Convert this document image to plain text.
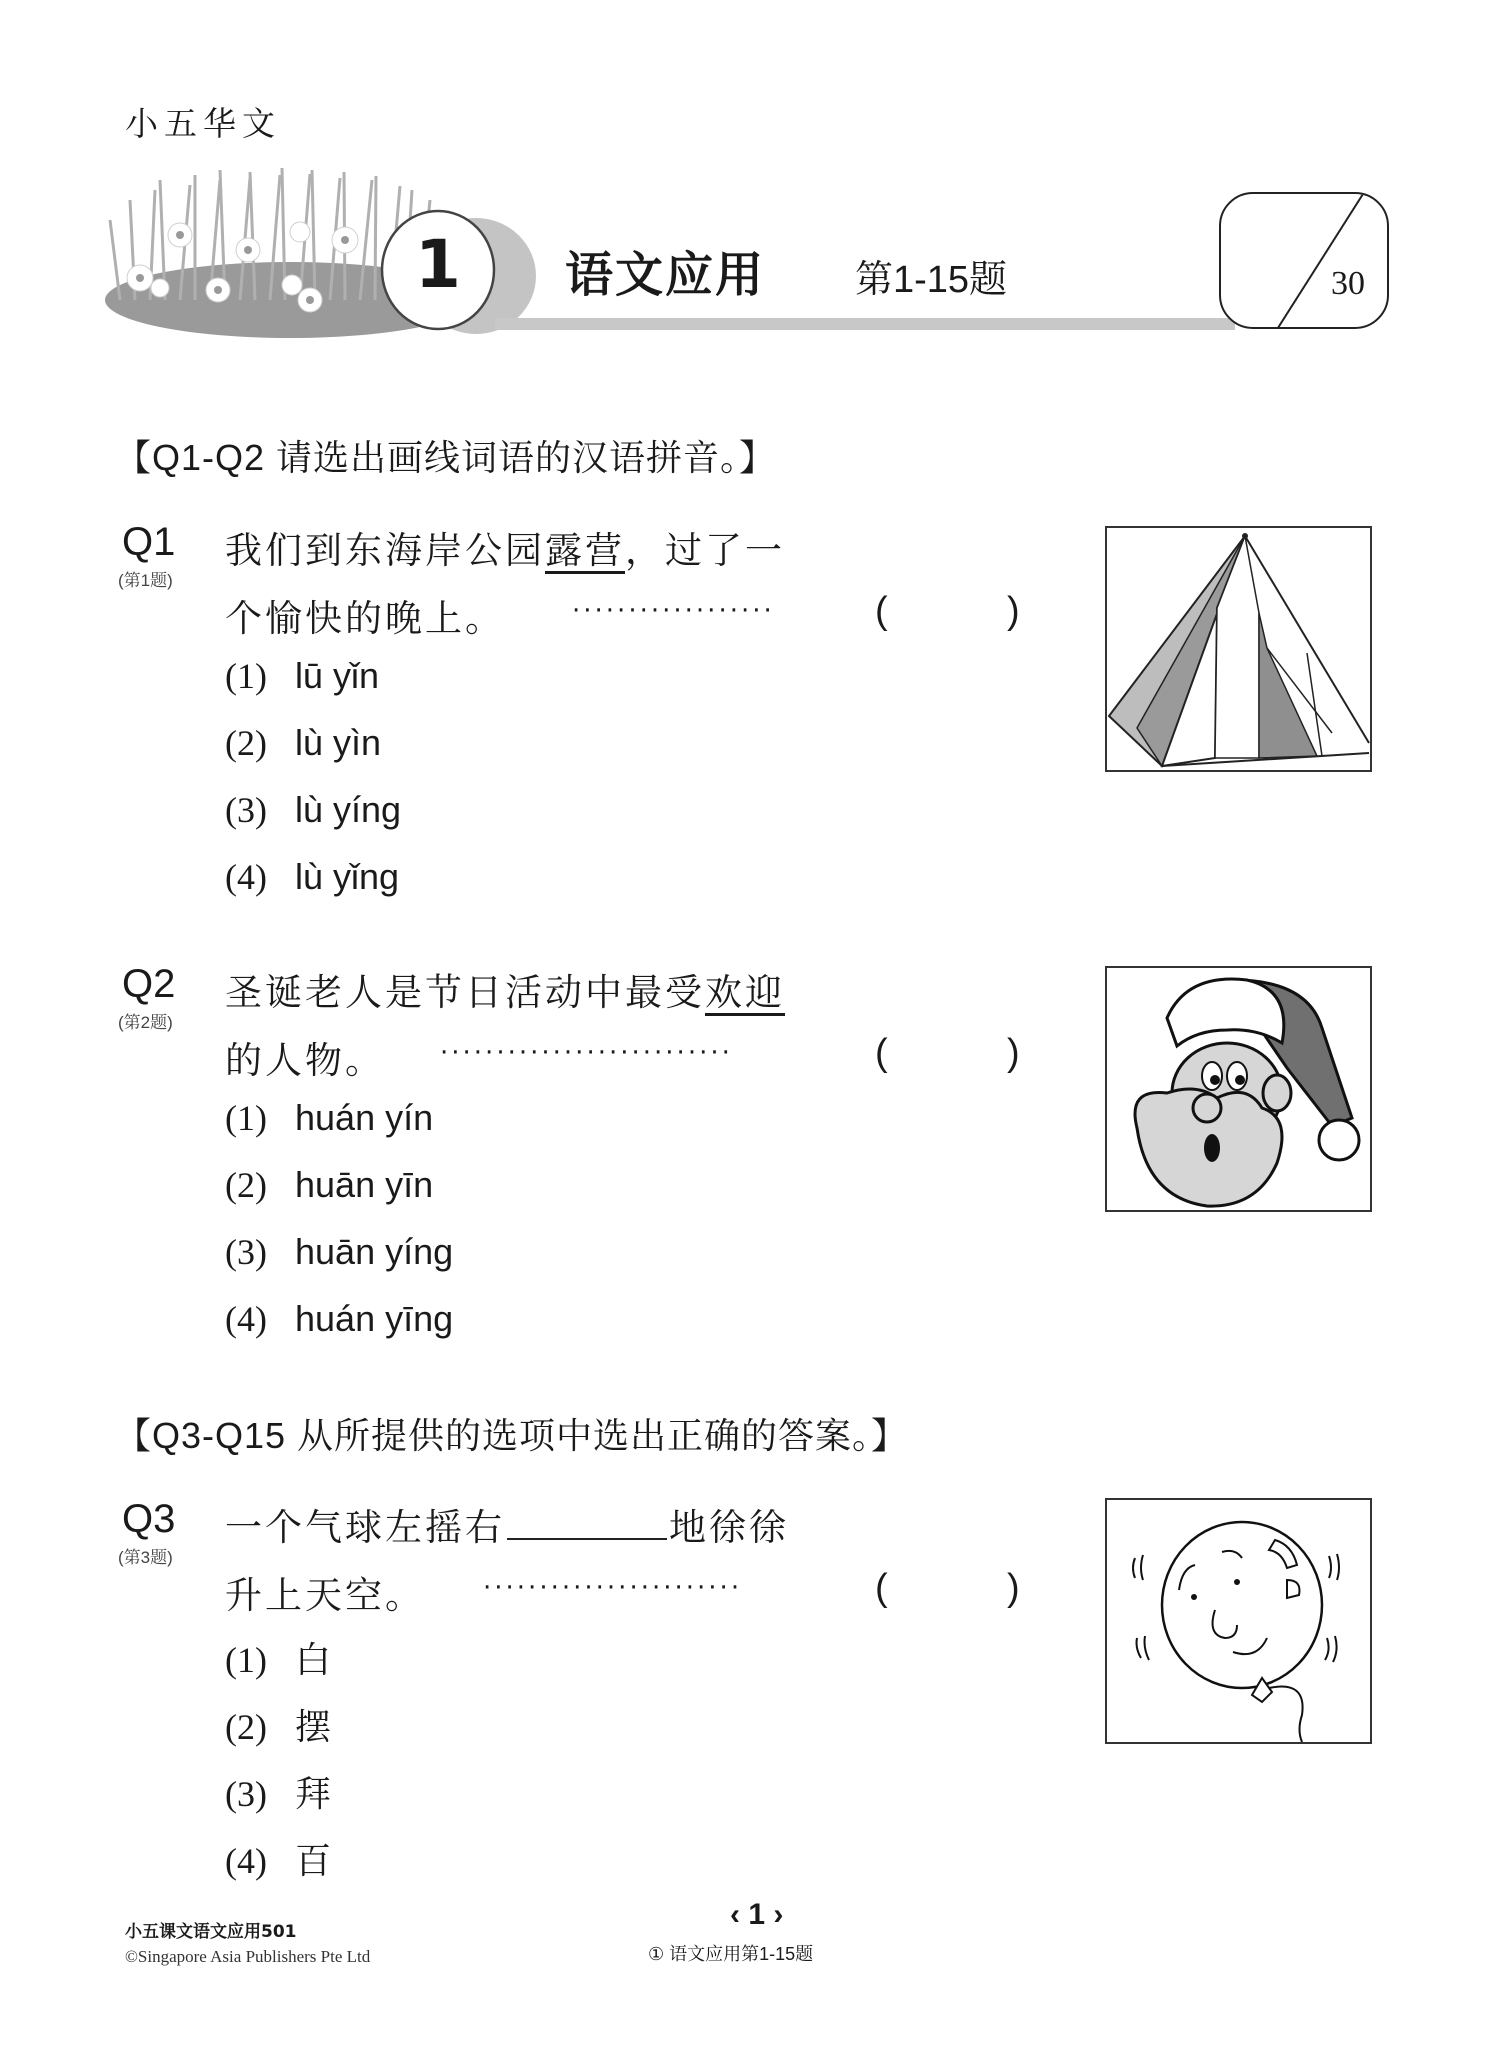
小五华文
1 语文应用 第1-15题	30
【Q1-Q2 请选出画线词语的汉语拼音。】
Q1
(第1题)
我们到东海岸公园露营，过了一
个愉快的晚上。	··················	(	)
(1) lū yǐn
(2) lù yìn
(3) lù yíng
(4) lù yǐng
Q2
(第2题)
圣诞老人是节日活动中最受欢迎
的人物。 ··························	(	)
(1) huán yín
(2) huān yīn
(3) huān yíng
(4) huán yīng
【Q3-Q15 从所提供的选项中选出正确的答案。】
Q3
(第3题)
一个气球左摇右	地徐徐
升上天空。 ·······················	(	)
(1) 白
(2) 摆
(3) 拜
(4) 百
小五课文语文应用501
©Singapore Asia Publishers Pte Ltd
‹ 1 ›
① 语文应用第1-15题
